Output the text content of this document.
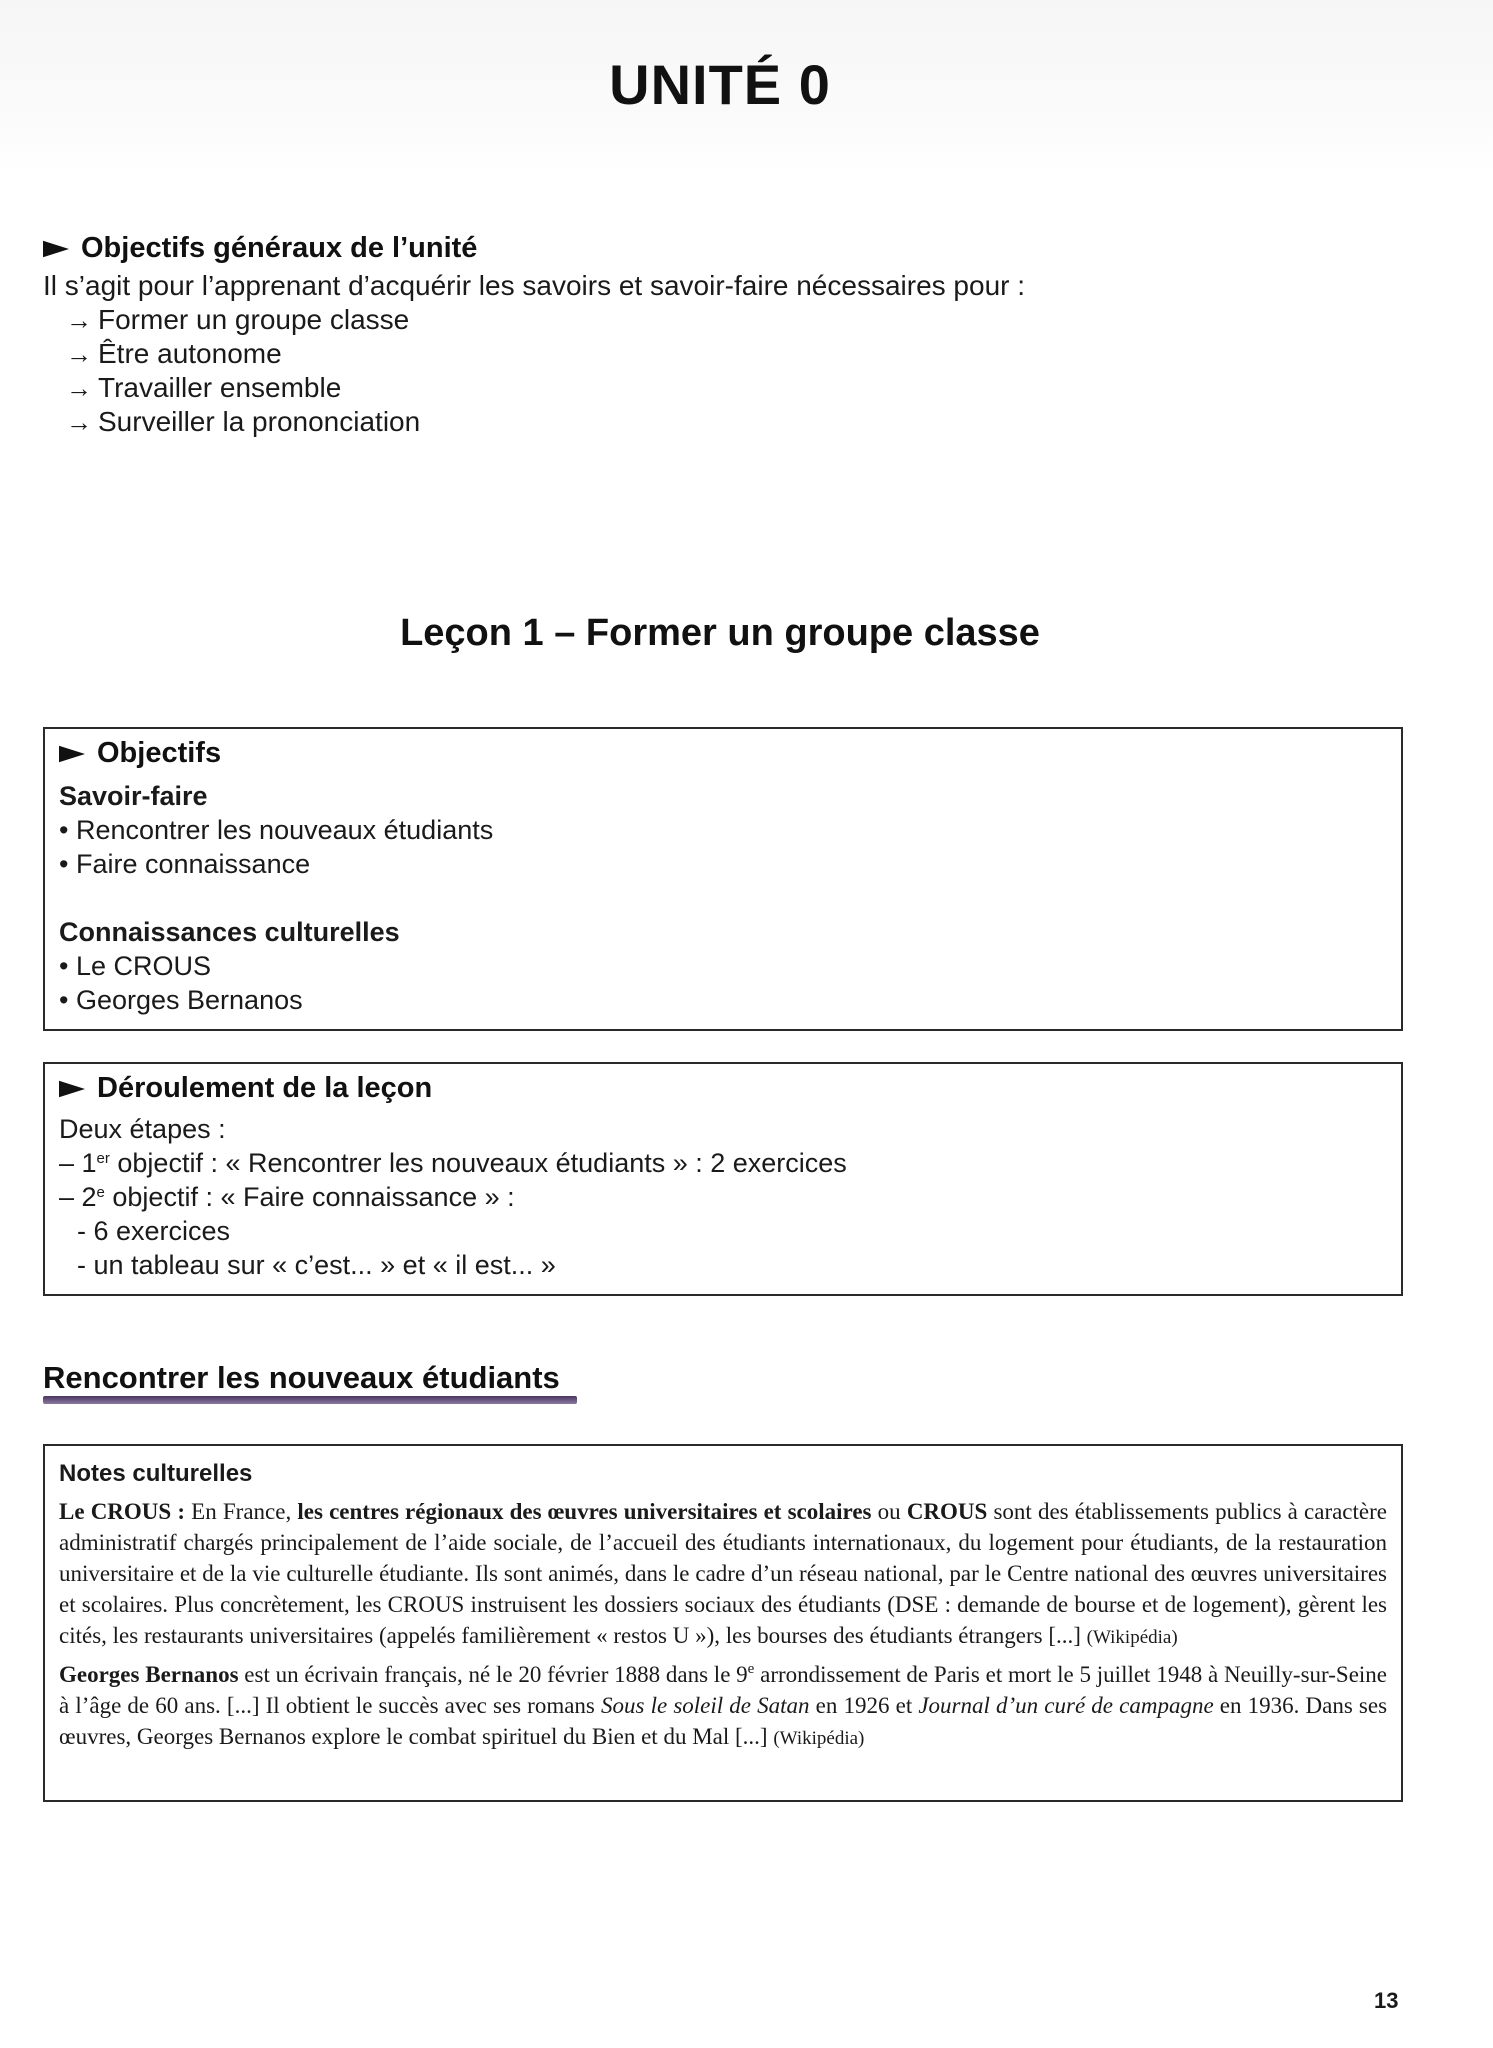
UNITÉ 0
Objectifs généraux de l’unité
Il s’agit pour l’apprenant d’acquérir les savoirs et savoir-faire nécessaires pour :
→ Former un groupe classe
→ Être autonome
→ Travailler ensemble
→ Surveiller la prononciation
Leçon 1 – Former un groupe classe
Objectifs
Savoir-faire
• Rencontrer les nouveaux étudiants
• Faire connaissance
Connaissances culturelles
• Le CROUS
• Georges Bernanos
Déroulement de la leçon
Deux étapes :
– 1er objectif : « Rencontrer les nouveaux étudiants » : 2 exercices
– 2e objectif : « Faire connaissance » :
- 6 exercices
- un tableau sur « c’est... » et « il est... »
Rencontrer les nouveaux étudiants
Notes culturelles

Le CROUS : En France, les centres régionaux des œuvres universitaires et scolaires ou CROUS sont des établissements publics à caractère administratif chargés principalement de l’aide sociale, de l’accueil des étudiants internationaux, du logement pour étudiants, de la restauration universitaire et de la vie culturelle étudiante. Ils sont animés, dans le cadre d’un réseau national, par le Centre national des œuvres universitaires et scolaires. Plus concrètement, les CROUS instruisent les dossiers sociaux des étudiants (DSE : demande de bourse et de logement), gèrent les cités, les restaurants universitaires (appelés familièrement « restos U »), les bourses des étudiants étrangers [...] (Wikipédia)

Georges Bernanos est un écrivain français, né le 20 février 1888 dans le 9e arrondissement de Paris et mort le 5 juillet 1948 à Neuilly-sur-Seine à l’âge de 60 ans. [...] Il obtient le succès avec ses romans Sous le soleil de Satan en 1926 et Journal d’un curé de campagne en 1936. Dans ses œuvres, Georges Bernanos explore le combat spirituel du Bien et du Mal [...] (Wikipédia)

13
